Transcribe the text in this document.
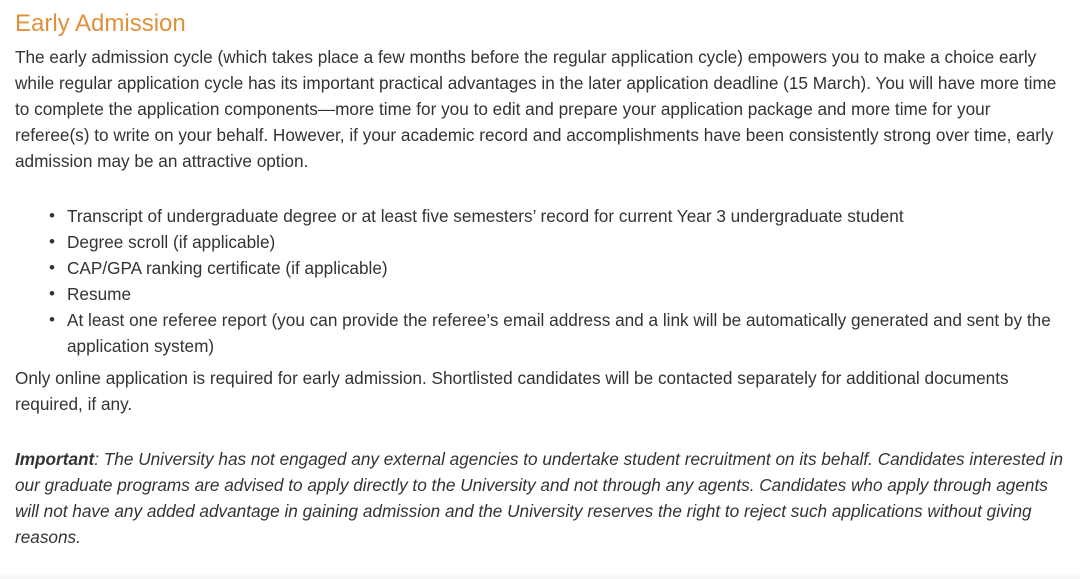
Early Admission

The early admission cycle (which takes place a few months before the regular application cycle) empowers you to make a choice early while regular application cycle has its important practical advantages in the later application deadline (15 March). You will have more time to complete the application components—more time for you to edit and prepare your application package and more time for your referee(s) to write on your behalf. However, if your academic record and accomplishments have been consistently strong over time, early admission may be an attractive option.

• Transcript of undergraduate degree or at least five semesters’ record for current Year 3 undergraduate student
• Degree scroll (if applicable)
• CAP/GPA ranking certificate (if applicable)
• Resume
• At least one referee report (you can provide the referee’s email address and a link will be automatically generated and sent by the application system)

Only online application is required for early admission. Shortlisted candidates will be contacted separately for additional documents required, if any.

Important: The University has not engaged any external agencies to undertake student recruitment on its behalf. Candidates interested in our graduate programs are advised to apply directly to the University and not through any agents. Candidates who apply through agents will not have any added advantage in gaining admission and the University reserves the right to reject such applications without giving reasons.
